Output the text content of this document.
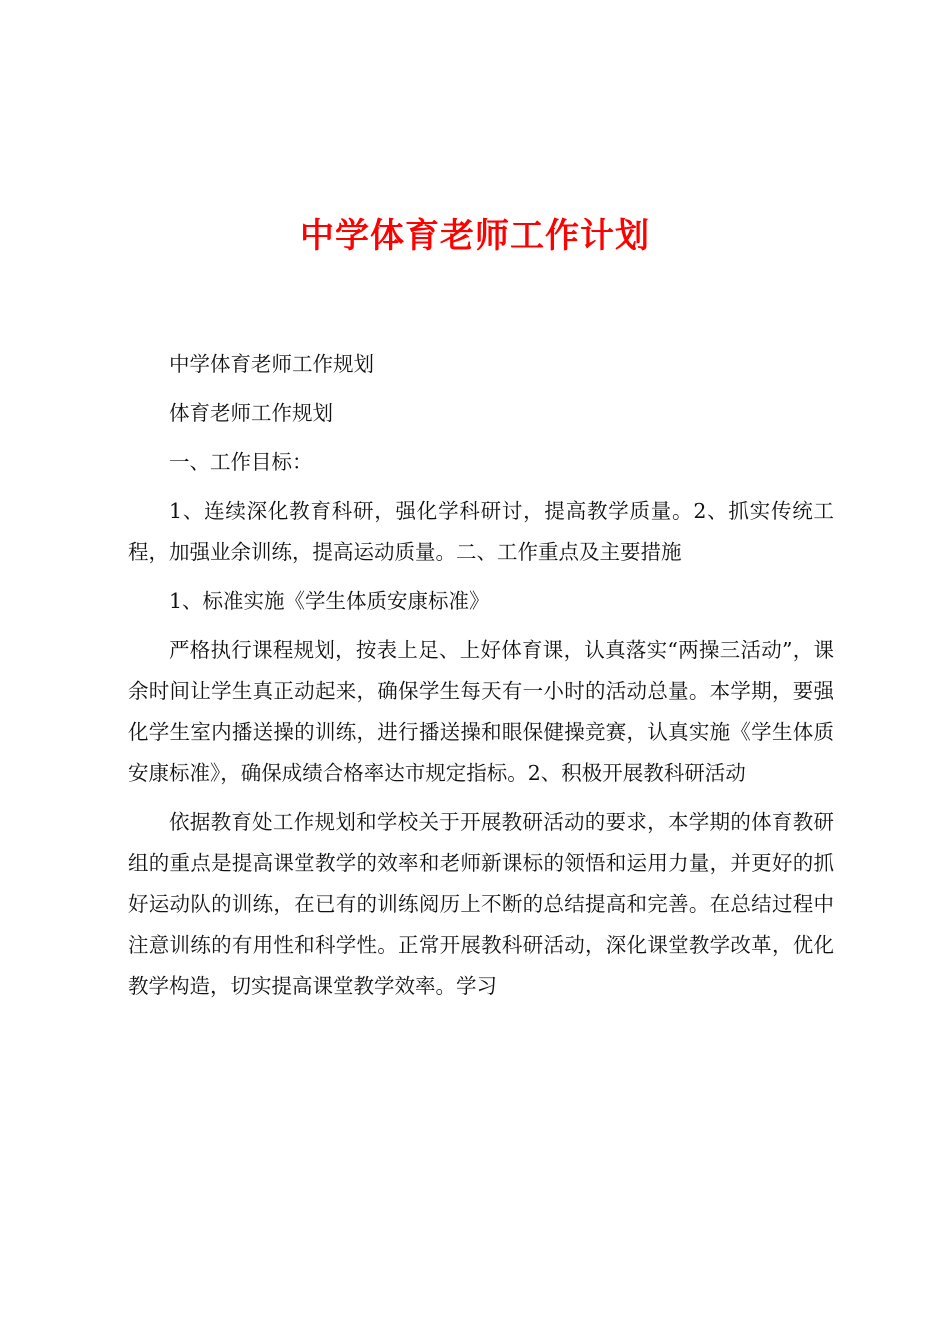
中学体育老师工作计划

中学体育老师工作规划

体育老师工作规划

一、工作目标：

1、连续深化教育科研，强化学科研讨，提高教学质量。2、抓实传统工程，加强业余训练，提高运动质量。二、工作重点及主要措施

1、标准实施《学生体质安康标准》

严格执行课程规划，按表上足、上好体育课，认真落实“两操三活动”，课余时间让学生真正动起来，确保学生每天有一小时的活动总量。本学期，要强化学生室内播送操的训练，进行播送操和眼保健操竞赛，认真实施《学生体质安康标准》，确保成绩合格率达市规定指标。2、积极开展教科研活动

依据教育处工作规划和学校关于开展教研活动的要求，本学期的体育教研组的重点是提高课堂教学的效率和老师新课标的领悟和运用力量，并更好的抓好运动队的训练，在已有的训练阅历上不断的总结提高和完善。在总结过程中注意训练的有用性和科学性。正常开展教科研活动，深化课堂教学改革，优化教学构造，切实提高课堂教学效率。学习
